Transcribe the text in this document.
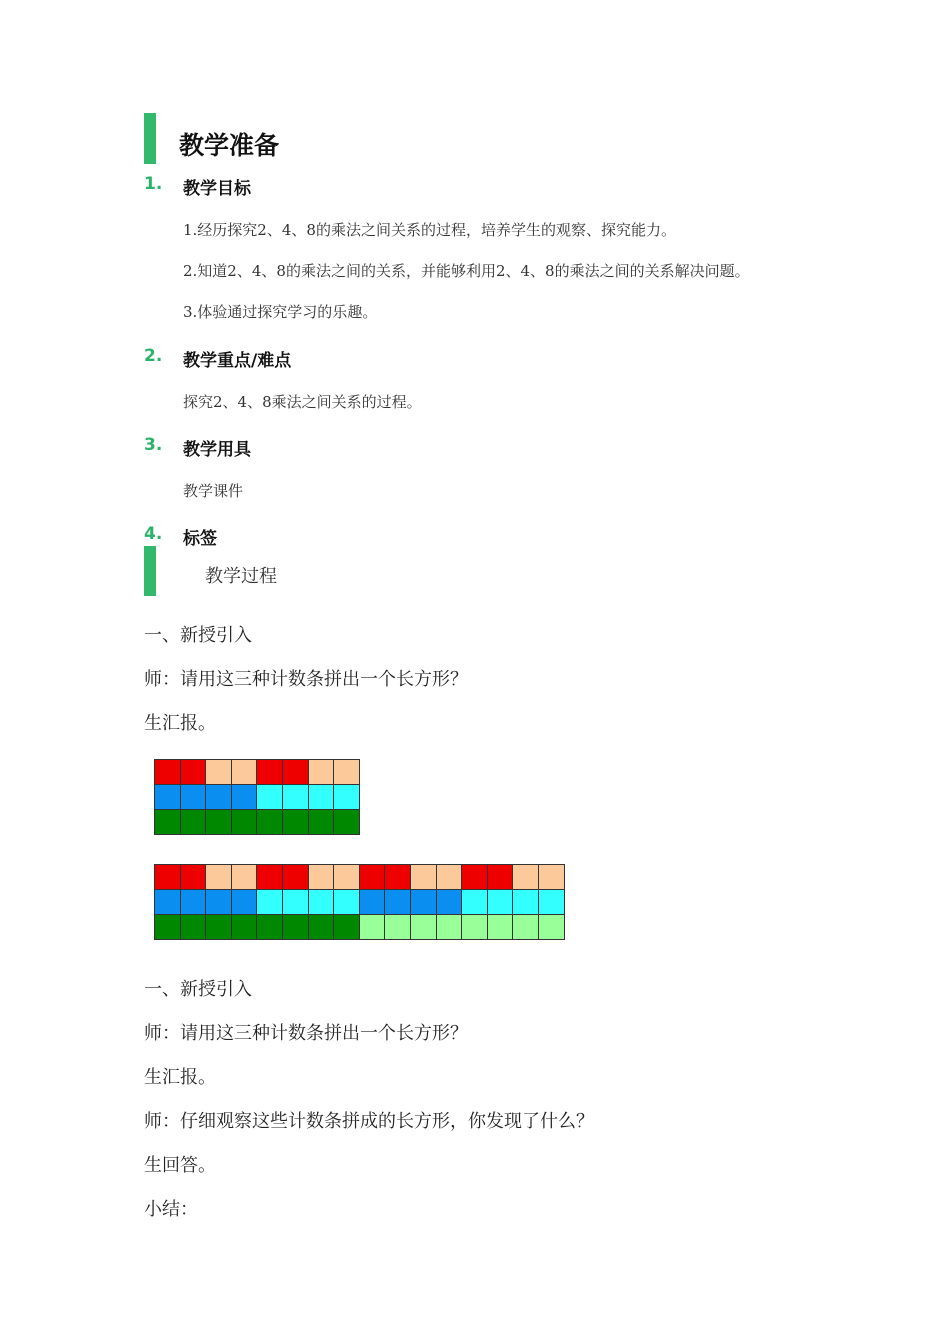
教学准备
1. 教学目标
1.经历探究2、4、8的乘法之间关系的过程，培养学生的观察、探究能力。
2.知道2、4、8的乘法之间的关系，并能够利用2、4、8的乘法之间的关系解决问题。
3.体验通过探究学习的乐趣。
2. 教学重点/难点
探究2、4、8乘法之间关系的过程。
3. 教学用具
教学课件
4. 标签
教学过程
一、新授引入
师：请用这三种计数条拼出一个长方形？
生汇报。
一、新授引入
师：请用这三种计数条拼出一个长方形？
生汇报。
师：仔细观察这些计数条拼成的长方形，你发现了什么？
生回答。
小结：
